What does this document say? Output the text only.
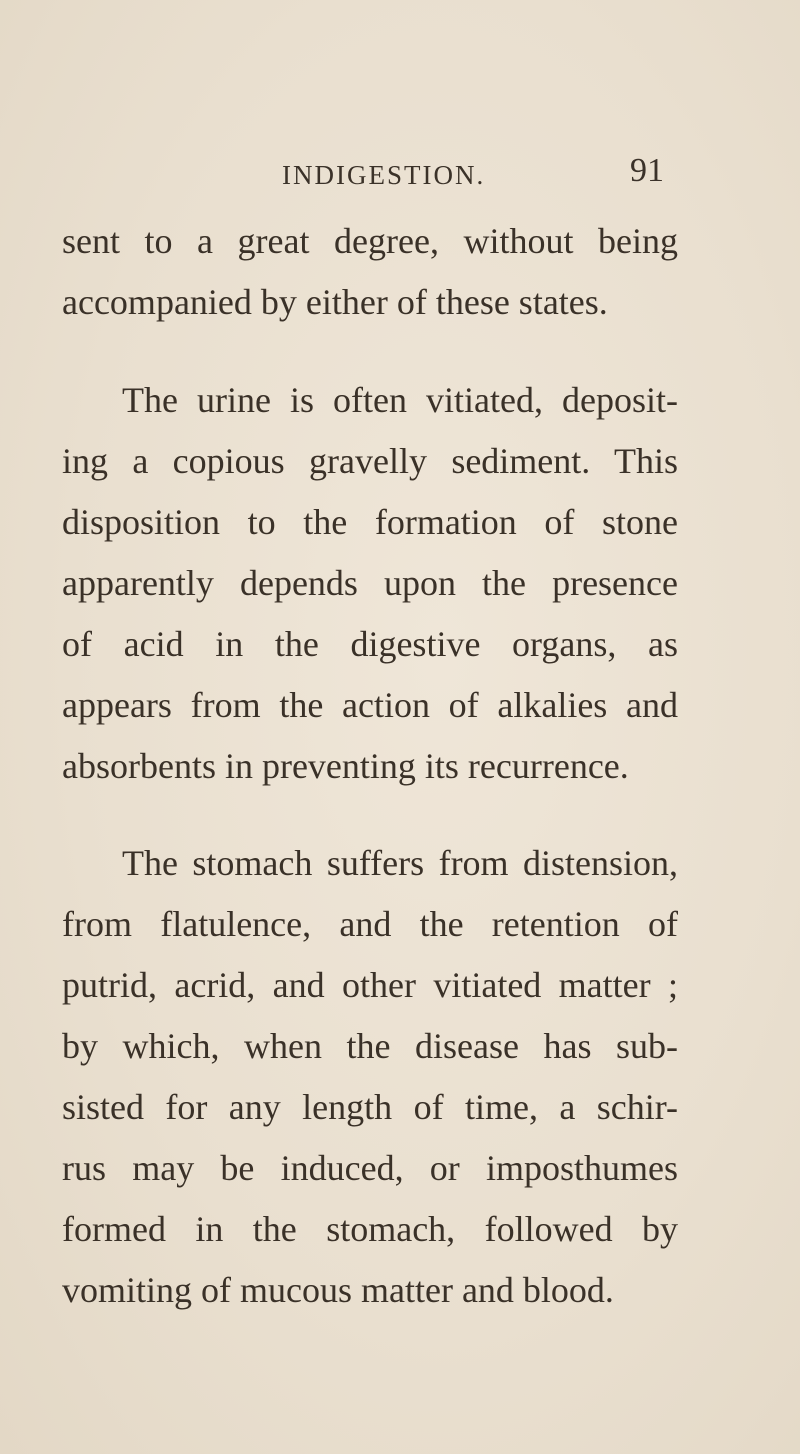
INDIGESTION.	91
sent to a great degree, without being
accompanied by either of these states.
The urine is often vitiated, deposit-
ing a copious gravelly sediment. This
disposition to the formation of stone
apparently depends upon the presence
of acid in the digestive organs, as
appears from the action of alkalies and
absorbents in preventing its recurrence.
The stomach suffers from distension,
from flatulence, and the retention of
putrid, acrid, and other vitiated matter ;
by which, when the disease has sub-
sisted for any length of time, a schir-
rus may be induced, or imposthumes
formed in the stomach, followed by
vomiting of mucous matter and blood.
